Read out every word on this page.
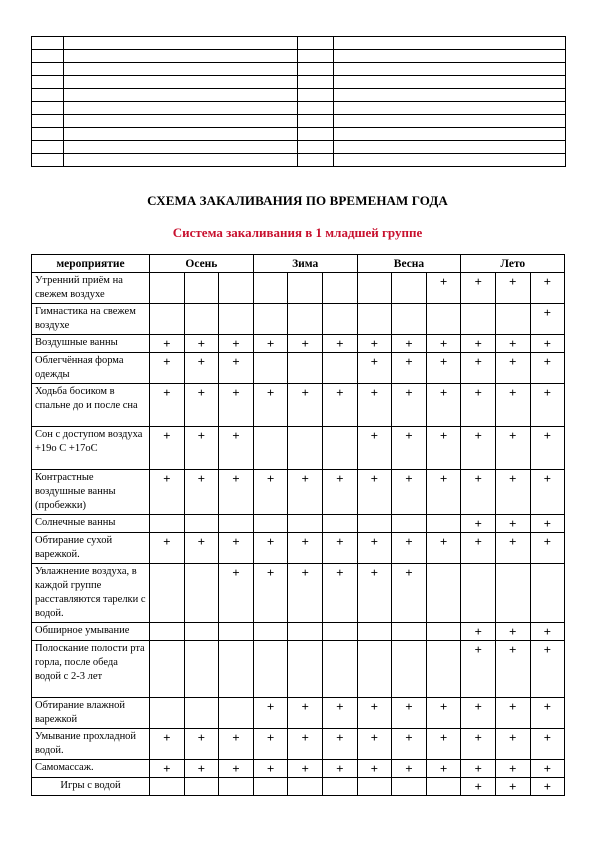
СХЕМА ЗАКАЛИВАНИЯ ПО ВРЕМЕНАМ ГОДА
Система закаливания в 1 младшей группе
мероприятие	Осень			Зима			Весна			Лето		
Утренний приём на свежем воздухе									+	+	+	+
Гимнастика на свежем воздухе												+
Воздушные ванны	+	+	+	+	+	+	+	+	+	+	+	+
Облегчённая форма одежды	+	+	+				+	+	+	+	+	+
Ходьба босиком в спальне до и после сна	+	+	+	+	+	+	+	+	+	+	+	+
Сон с доступом воздуха +19о С +17оС	+	+	+				+	+	+	+	+	+
Контрастные воздушные ванны (пробежки)	+	+	+	+	+	+	+	+	+	+	+	+
Солнечные ванны										+	+	+
Обтирание сухой варежкой.	+	+	+	+	+	+	+	+	+	+	+	+
Увлажнение воздуха, в каждой группе расставляются тарелки с водой.			+	+	+	+	+	+				
Обширное умывание										+	+	+
Полоскание полости рта горла, после обеда водой с 2-3 лет										+	+	+
Обтирание влажной варежкой				+	+	+	+	+	+	+	+	+
Умывание прохладной водой.	+	+	+	+	+	+	+	+	+	+	+	+
Самомассаж.	+	+	+	+	+	+	+	+	+	+	+	+
Игры с водой										+	+	+
